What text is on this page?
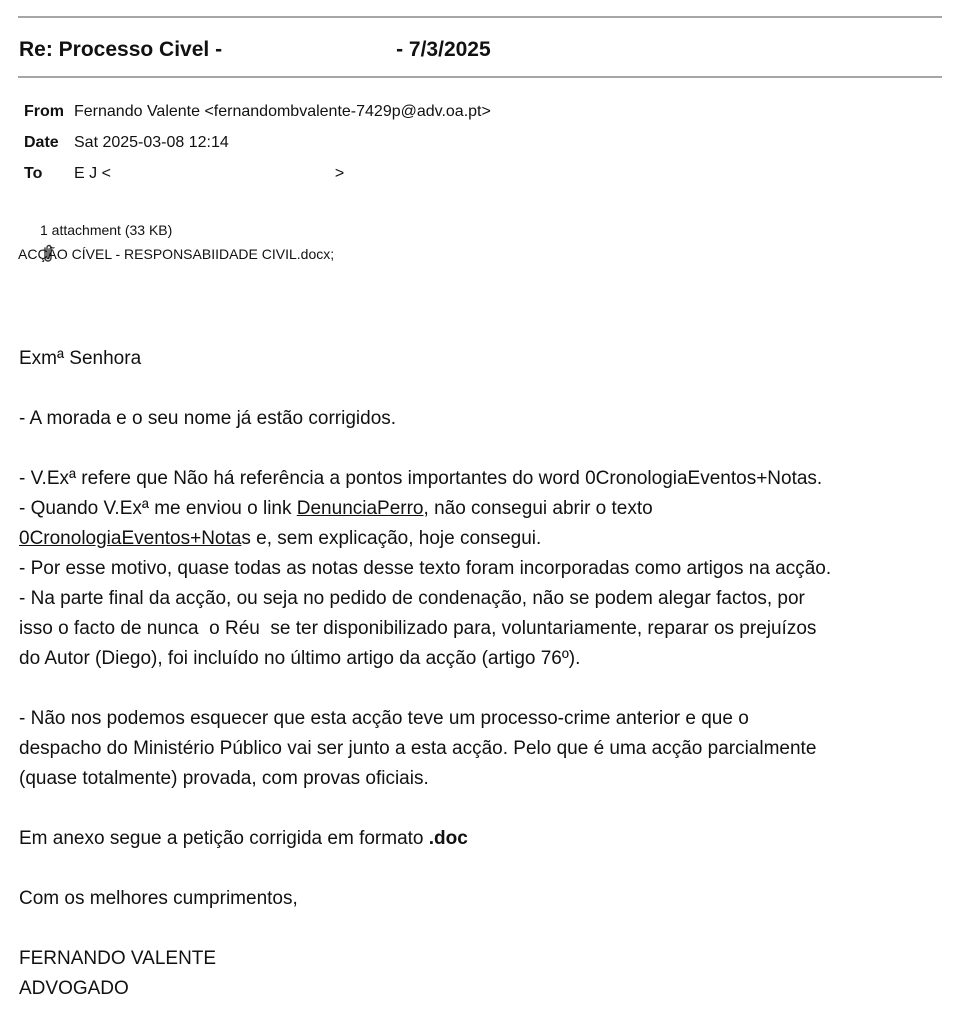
Re: Processo Civel -	- 7/3/2025
From Fernando Valente <fernandombvalente-7429p@adv.oa.pt>
Date Sat 2025-03-08 12:14
To	E J <	>

1 attachment (33 KB)
ACÇÃO CÍVEL - RESPONSABIIDADE CIVIL.docx;

Exmª Senhora

- A morada e o seu nome já estão corrigidos.

- V.Exª refere que Não há referência a pontos importantes do word 0CronologiaEventos+Notas.

- Quando V.Exª me enviou o link DenunciaPerro, não consegui abrir o texto

0CronologiaEventos+Notas e, sem explicação, hoje consegui.

- Por esse motivo, quase todas as notas desse texto foram incorporadas como artigos na acção.

- Na parte final da acção, ou seja no pedido de condenação, não se podem alegar factos, por

isso o facto de nunca  o Réu  se ter disponibilizado para, voluntariamente, reparar os prejuízos

do Autor (Diego), foi incluído no último artigo da acção (artigo 76º).

- Não nos podemos esquecer que esta acção teve um processo-crime anterior e que o

despacho do Ministério Público vai ser junto a esta acção. Pelo que é uma acção parcialmente

(quase totalmente) provada, com provas oficiais.

Em anexo segue a petição corrigida em formato .doc

Com os melhores cumprimentos,

FERNANDO VALENTE

ADVOGADO
